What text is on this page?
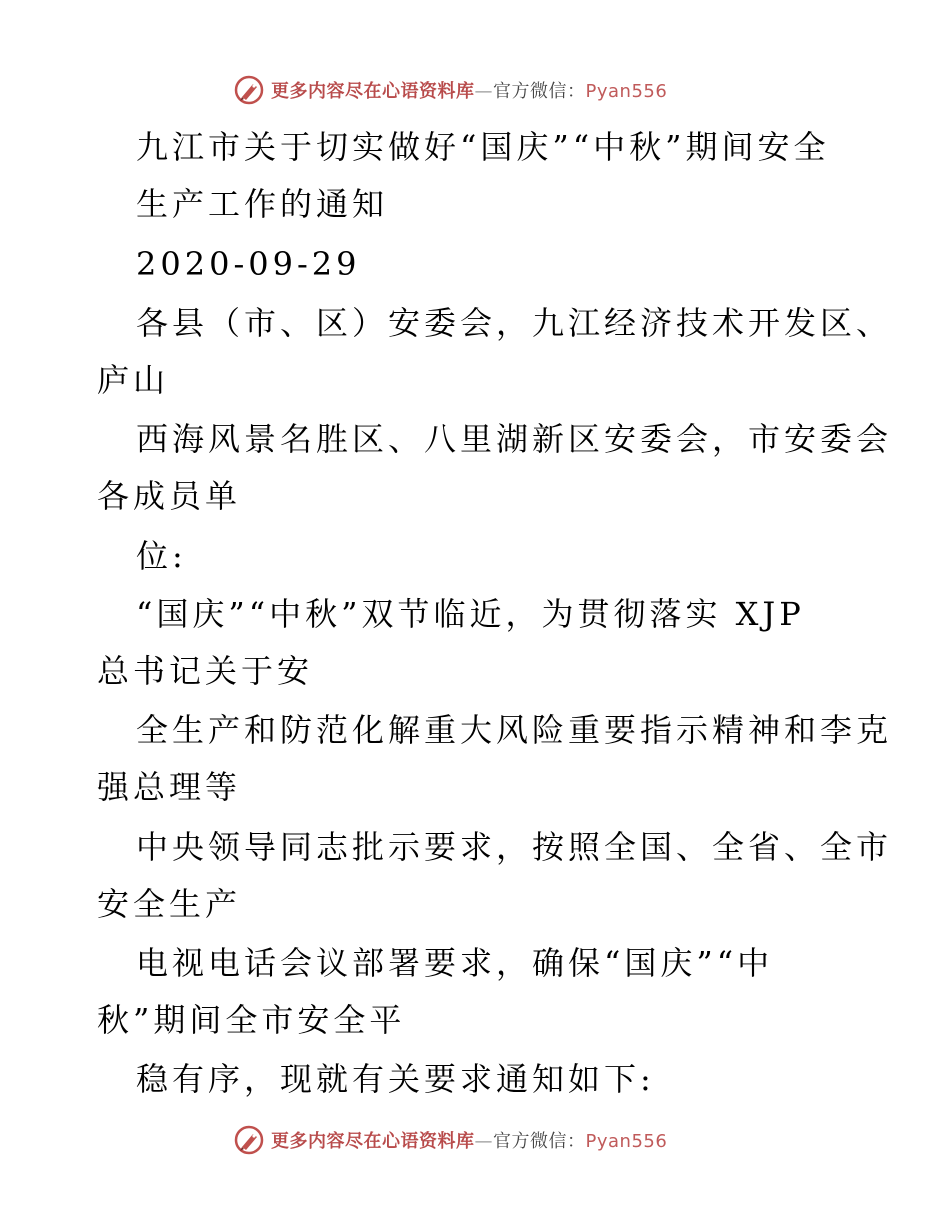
更多内容尽在心语资料库—官方微信：Pyan556
九江市关于切实做好“国庆”“中秋”期间安全
生产工作的通知
2020-09-29
各县（市、区）安委会，九江经济技术开发区、
庐山
西海风景名胜区、八里湖新区安委会，市安委会
各成员单
位:
“国庆”“中秋”双节临近，为贯彻落实 XJP
总书记关于安
全生产和防范化解重大风险重要指示精神和李克
强总理等
中央领导同志批示要求，按照全国、全省、全市
安全生产
电视电话会议部署要求，确保“国庆”“中
秋”期间全市安全平
稳有序，现就有关要求通知如下:
更多内容尽在心语资料库—官方微信：Pyan556
